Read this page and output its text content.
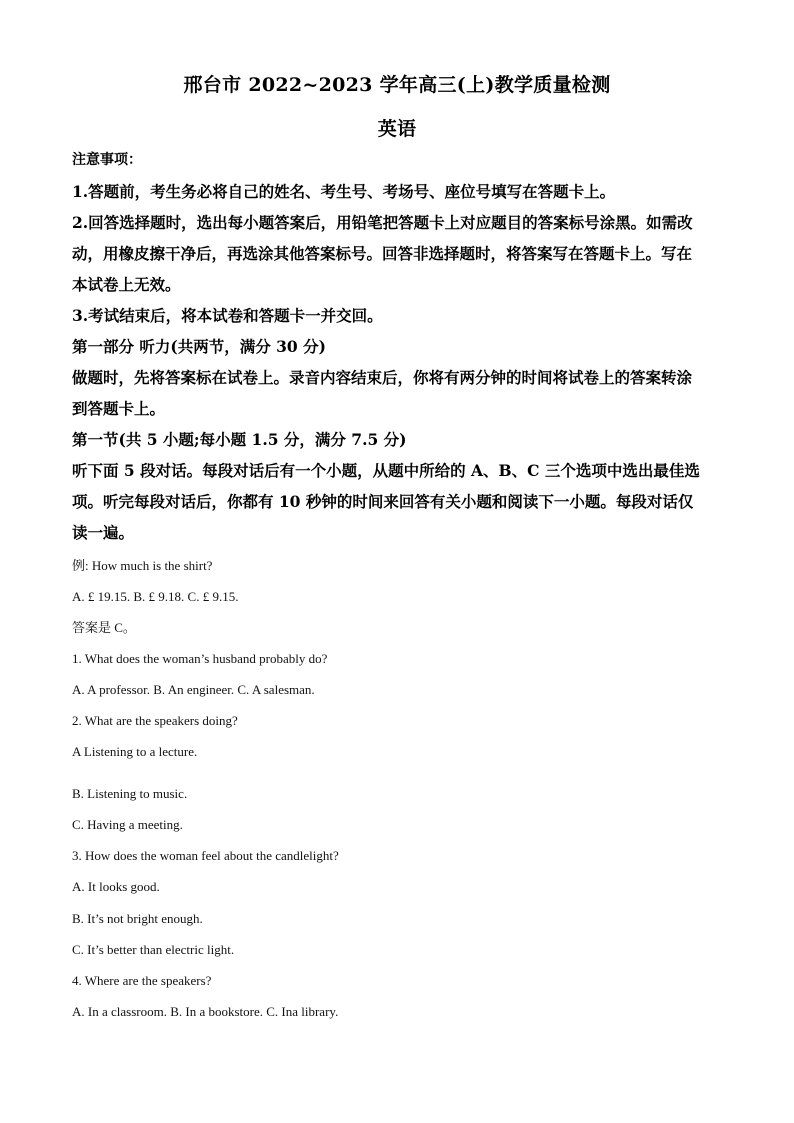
邢台市 2022~2023 学年高三(上)教学质量检测
英语
注意事项：
1.答题前，考生务必将自己的姓名、考生号、考场号、座位号填写在答题卡上。
2.回答选择题时，选出每小题答案后，用铅笔把答题卡上对应题目的答案标号涂黑。如需改
动，用橡皮擦干净后，再选涂其他答案标号。回答非选择题时，将答案写在答题卡上。写在
本试卷上无效。
3.考试结束后，将本试卷和答题卡一并交回。
第一部分 听力(共两节，满分 30 分)
做题时，先将答案标在试卷上。录音内容结束后，你将有两分钟的时间将试卷上的答案转涂
到答题卡上。
第一节(共 5 小题;每小题 1.5 分，满分 7.5 分)
听下面 5 段对话。每段对话后有一个小题，从题中所给的 A、B、C 三个选项中选出最佳选
项。听完每段对话后，你都有 10 秒钟的时间来回答有关小题和阅读下一小题。每段对话仅
读一遍。
例: How much is the shirt?
A. £ 19.15. B. £ 9.18. C. £ 9.15.
答案是 C。
1. What does the woman’s husband probably do?
A. A professor. B. An engineer. C. A salesman.
2. What are the speakers doing?
A Listening to a lecture.
B. Listening to music.
C. Having a meeting.
3. How does the woman feel about the candlelight?
A. It looks good.
B. It’s not bright enough.
C. It’s better than electric light.
4. Where are the speakers?
A. In a classroom. B. In a bookstore. C. Ina library.
